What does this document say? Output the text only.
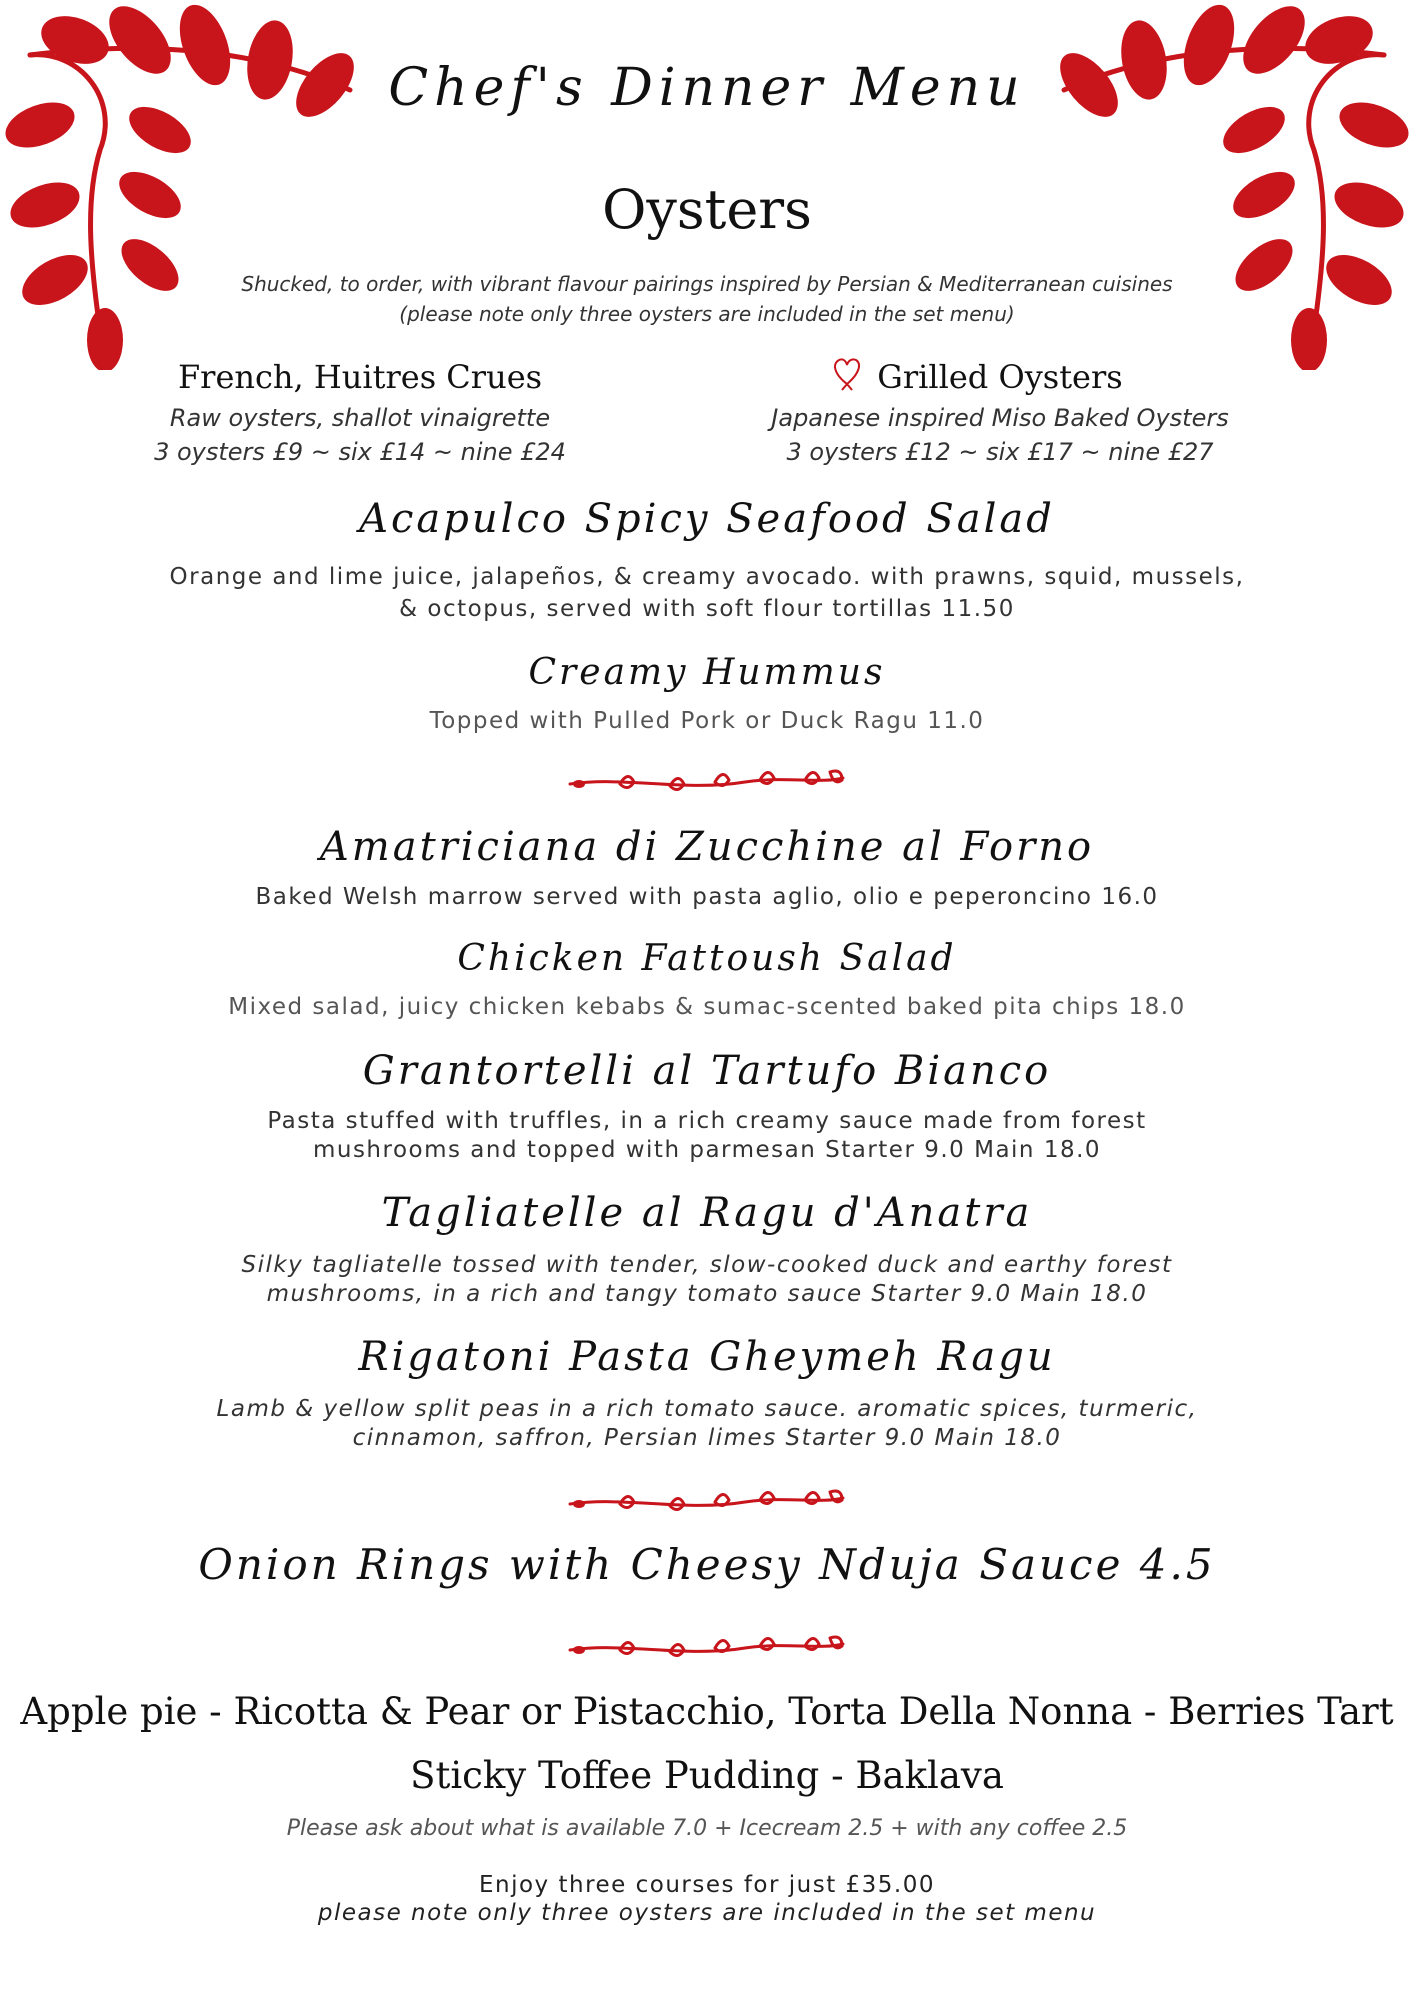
Chef's Dinner Menu
Oysters
Shucked, to order, with vibrant flavour pairings inspired by Persian & Mediterranean cuisines
(please note only three oysters are included in the set menu)
French, Huitres Crues
Raw oysters, shallot vinaigrette
3 oysters £9 ~ six £14 ~ nine £24
Grilled Oysters
Japanese inspired Miso Baked Oysters
3 oysters £12 ~ six £17 ~ nine £27
Acapulco Spicy Seafood Salad
Orange and lime juice, jalapeños, & creamy avocado. with prawns, squid, mussels,
& octopus, served with soft flour tortillas 11.50
Creamy Hummus
Topped with Pulled Pork or Duck Ragu 11.0
Amatriciana di Zucchine al Forno
Baked Welsh marrow served with pasta aglio, olio e peperoncino 16.0
Chicken Fattoush Salad
Mixed salad, juicy chicken kebabs & sumac-scented baked pita chips 18.0
Grantortelli al Tartufo Bianco
Pasta stuffed with truffles, in a rich creamy sauce made from forest
mushrooms and topped with parmesan Starter 9.0 Main 18.0
Tagliatelle al Ragu d'Anatra
Silky tagliatelle tossed with tender, slow-cooked duck and earthy forest
mushrooms, in a rich and tangy tomato sauce Starter 9.0 Main 18.0
Rigatoni Pasta Gheymeh Ragu
Lamb & yellow split peas in a rich tomato sauce. aromatic spices, turmeric,
cinnamon, saffron, Persian limes Starter 9.0 Main 18.0
Onion Rings with Cheesy Nduja Sauce 4.5
Apple pie - Ricotta & Pear or Pistacchio, Torta Della Nonna - Berries Tart
Sticky Toffee Pudding - Baklava
Please ask about what is available 7.0 + Icecream 2.5 + with any coffee 2.5
Enjoy three courses for just £35.00
please note only three oysters are included in the set menu
